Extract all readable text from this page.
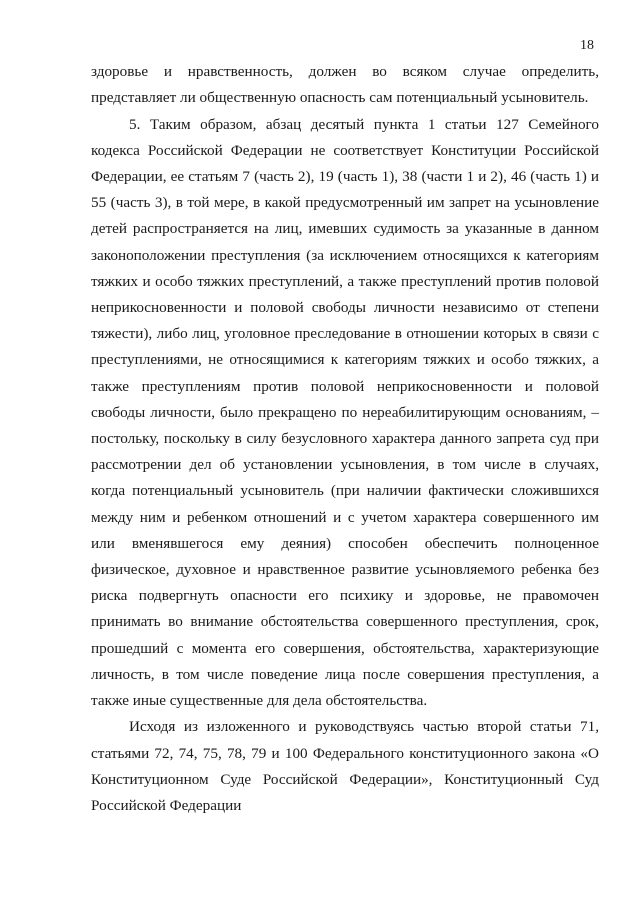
18
здоровье и нравственность, должен во всяком случае определить,
представляет ли общественную опасность сам потенциальный усыновитель.
5. Таким образом, абзац десятый пункта 1 статьи 127 Семейного
кодекса Российской Федерации не соответствует Конституции Российской
Федерации, ее статьям 7 (часть 2), 19 (часть 1), 38 (части 1 и 2), 46 (часть 1) и
55 (часть 3), в той мере, в какой предусмотренный им запрет на усыновление
детей распространяется на лиц, имевших судимость за указанные в данном
законоположении преступления (за исключением относящихся к категориям
тяжких и особо тяжких преступлений, а также преступлений против половой
неприкосновенности и половой свободы личности независимо от степени
тяжести), либо лиц, уголовное преследование в отношении которых в связи с
преступлениями, не относящимися к категориям тяжких и особо тяжких, а
также преступлениям против половой неприкосновенности и половой
свободы личности, было прекращено по нереабилитирующим основаниям, –
постольку, поскольку в силу безусловного характера данного запрета суд при
рассмотрении дел об установлении усыновления, в том числе в случаях,
когда потенциальный усыновитель (при наличии фактически сложившихся
между ним и ребенком отношений и с учетом характера совершенного им
или вменявшегося ему деяния) способен обеспечить полноценное
физическое, духовное и нравственное развитие усыновляемого ребенка без
риска подвергнуть опасности его психику и здоровье, не правомочен
принимать во внимание обстоятельства совершенного преступления, срок,
прошедший с момента его совершения, обстоятельства, характеризующие
личность, в том числе поведение лица после совершения преступления, а
также иные существенные для дела обстоятельства.
Исходя из изложенного и руководствуясь частью второй статьи 71,
статьями 72, 74, 75, 78, 79 и 100 Федерального конституционного закона «О
Конституционном Суде Российской Федерации», Конституционный Суд
Российской Федерации
